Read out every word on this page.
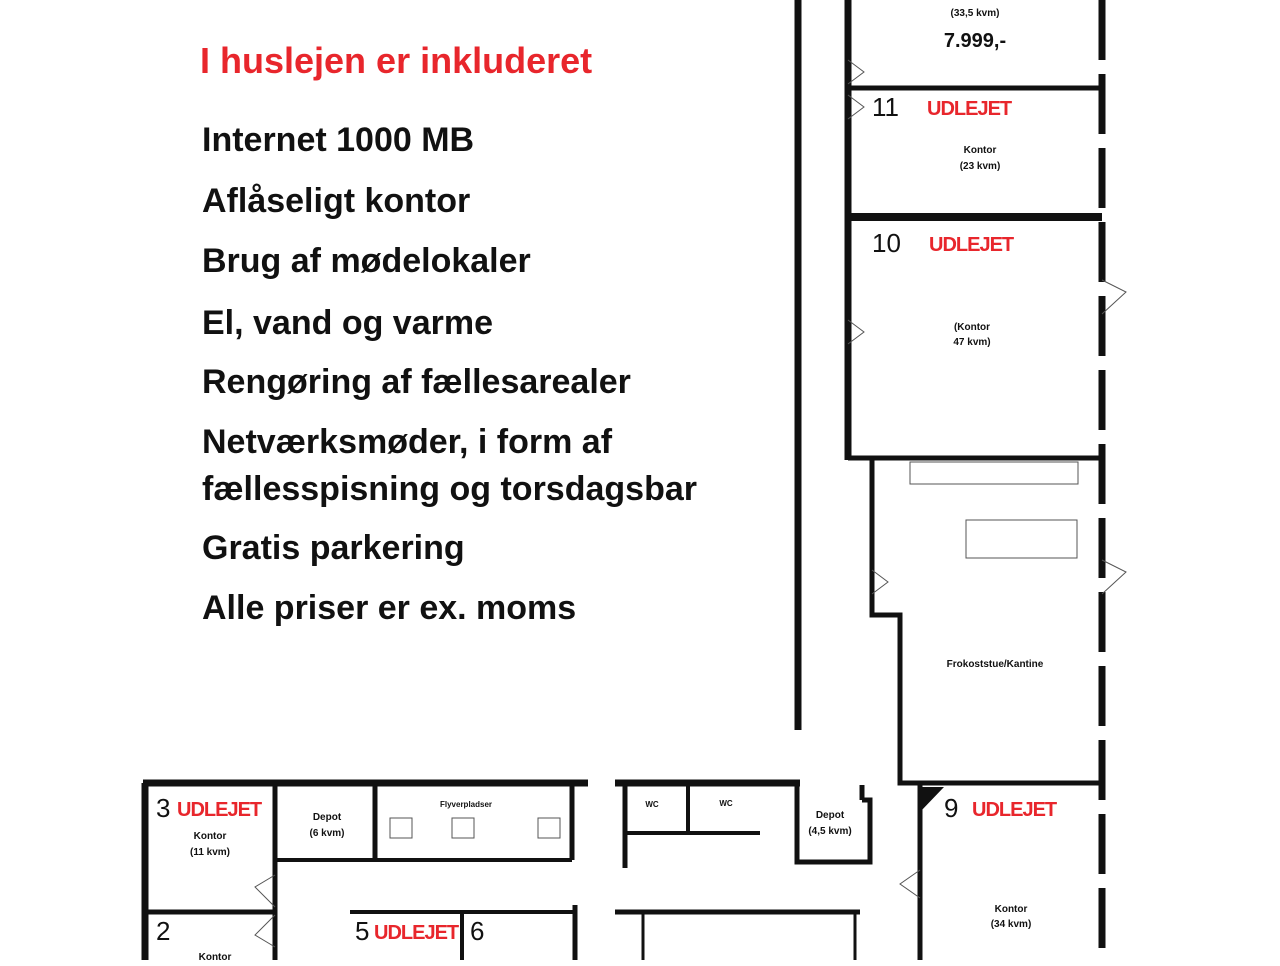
I huslejen er inkluderet
Internet 1000 MB
Aflåseligt kontor
Brug af mødelokaler
El, vand og varme
Rengøring af fællesarealer
Netværksmøder, i form af
fællesspisning og torsdagsbar
Gratis parkering
Alle priser er ex. moms
(33,5 kvm)
7.999,-
11 UDLEJET
Kontor
(23 kvm)
10 UDLEJET
(Kontor
47 kvm)
Frokoststue/Kantine
9 UDLEJET
Kontor
(34 kvm)
3 UDLEJET
Kontor
(11 kvm)
Depot
(6 kvm)
Flyverpladser	WC	WC
Depot
(4,5 kvm)
2
Kontor
5 UDLEJET 6
